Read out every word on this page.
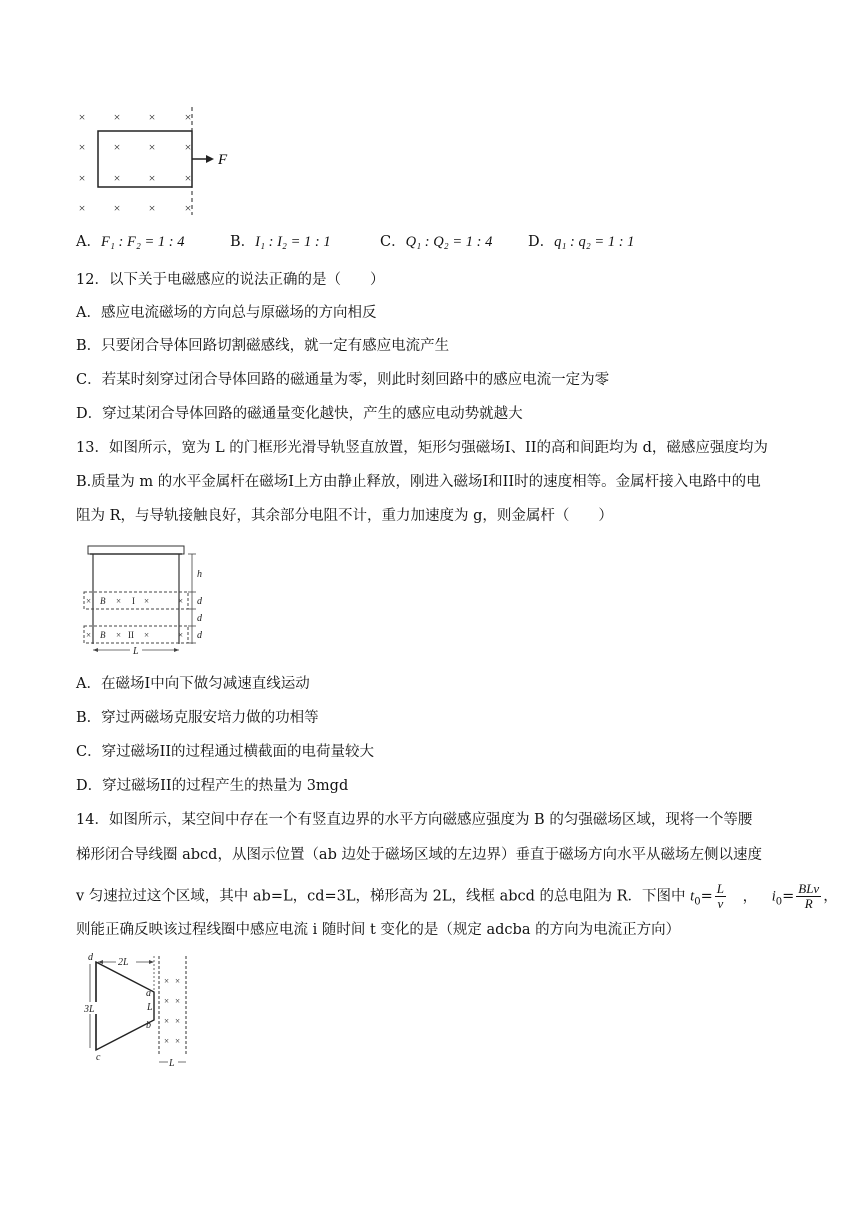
× × × ×
× × × ×
× × × ×
× × × ×
F
A．F₁ : F₂ = 1 : 4	B．I₁ : I₂ = 1 : 1	C．Q₁ : Q₂ = 1 : 4 D．q₁ : q₂ = 1 : 1
12．以下关于电磁感应的说法正确的是（　　）
A．感应电流磁场的方向总与原磁场的方向相反
B．只要闭合导体回路切割磁感线，就一定有感应电流产生
C．若某时刻穿过闭合导体回路的磁通量为零，则此时刻回路中的感应电流一定为零
D．穿过某闭合导体回路的磁通量变化越快，产生的感应电动势就越大
13．如图所示，宽为 L 的门框形光滑导轨竖直放置，矩形匀强磁场I、II的高和间距均为 d，磁感应强度均为
B.质量为 m 的水平金属杆在磁场I上方由静止释放，刚进入磁场I和II时的速度相等。金属杆接入电路中的电
阻为 R，与导轨接触良好，其余部分电阻不计，重力加速度为 g，则金属杆（　　）
× B × I ×	×
× B × II ×	×
h
d
d
d
L
A．在磁场I中向下做匀减速直线运动
B．穿过两磁场克服安培力做的功相等
C．穿过磁场II的过程通过横截面的电荷量较大
D．穿过磁场II的过程产生的热量为 3mgd
14．如图所示，某空间中存在一个有竖直边界的水平方向磁感应强度为 B 的匀强磁场区域，现将一个等腰
梯形闭合导线圈 abcd，从图示位置（ab 边处于磁场区域的左边界）垂直于磁场方向水平从磁场左侧以速度
v 匀速拉过这个区域，其中 ab=L，cd=3L，梯形高为 2L，线框 abcd 的总电阻为 R．下图中 $t_0= \frac{L}{v}$ ， $i_0= \frac{\text{BLv}}{R}$ ，
则能正确反映该过程线圈中感应电流 i 随时间 t 变化的是（规定 adcba 的方向为电流正方向）
2L
d
a
b
c
L
3L
× ×
× ×
× ×
× ×
L
